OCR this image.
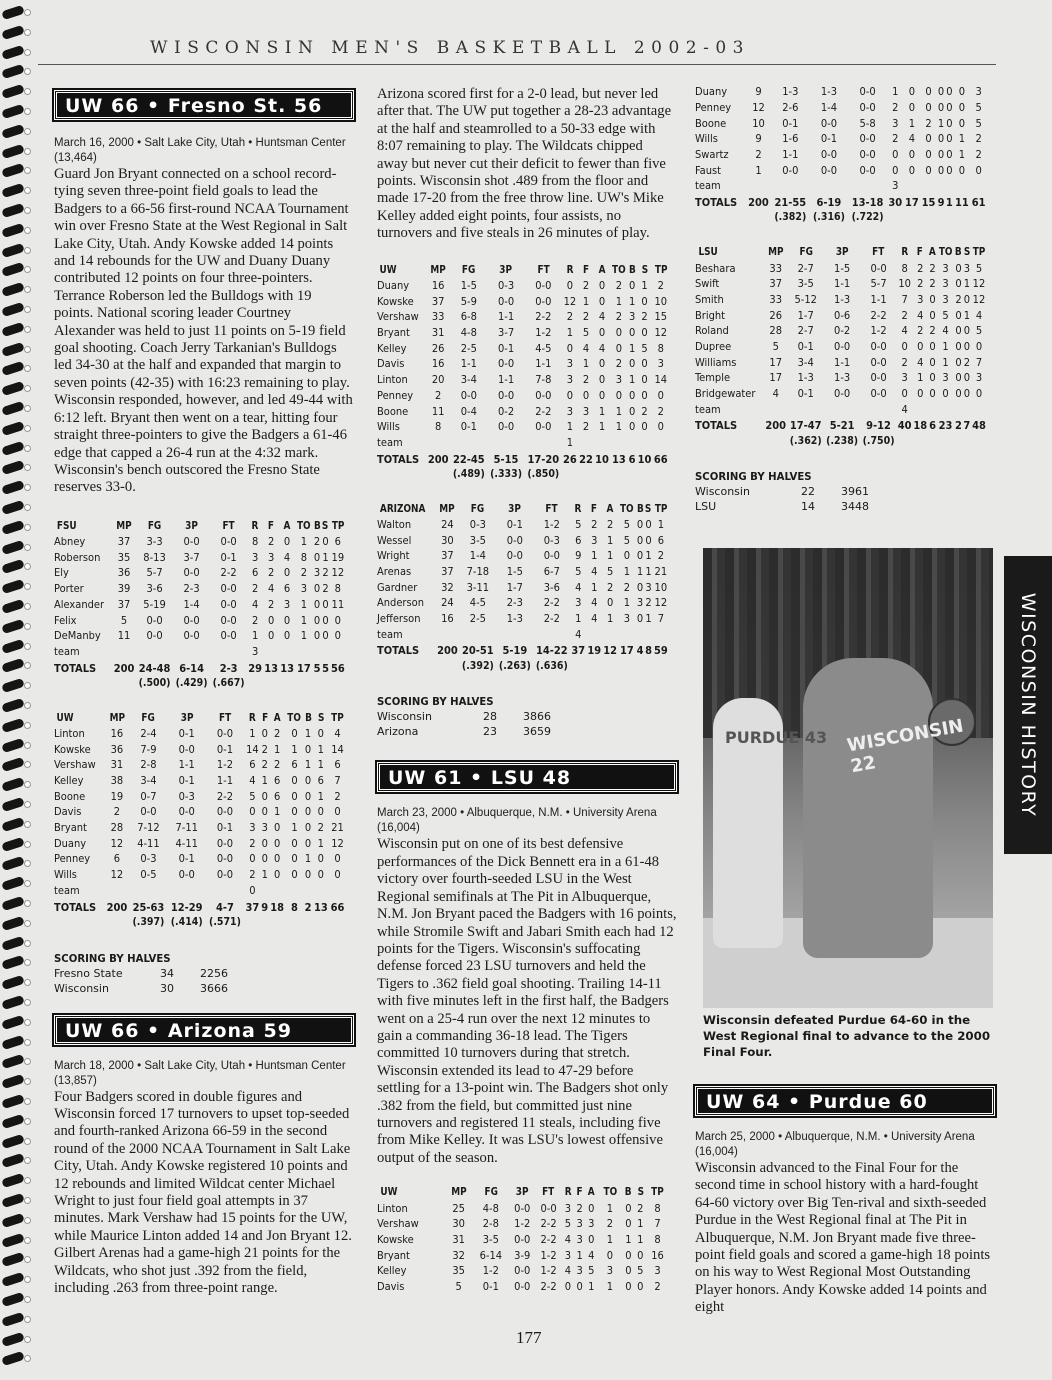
WISCONSIN MEN'S BASKETBALL 2002-03
UW 66 • Fresno St. 56
March 16, 2000 • Salt Lake City, Utah • Huntsman Center (13,464)
Guard Jon Bryant connected on a school record-tying seven three-point field goals to lead the Badgers to a 66-56 first-round NCAA Tournament win over Fresno State at the West Regional in Salt Lake City, Utah. Andy Kowske added 14 points and 14 rebounds for the UW and Duany Duany contributed 12 points on four three-pointers. Terrance Roberson led the Bulldogs with 19 points. National scoring leader Courtney Alexander was held to just 11 points on 5-19 field goal shooting. Coach Jerry Tarkanian's Bulldogs led 34-30 at the half and expanded that margin to seven points (42-35) with 16:23 remaining to play. Wisconsin responded, however, and led 49-44 with 6:12 left. Bryant then went on a tear, hitting four straight three-pointers to give the Badgers a 61-46 edge that capped a 26-4 run at the 4:32 mark. Wisconsin's bench outscored the Fresno State reserves 33-0.
FSU	MP	FG	3P	FT	R	F	A	TO	B	S	TP
Abney	37	3-3	0-0	0-0	8	2	0	1	2	0	6
Roberson	35	8-13	3-7	0-1	3	3	4	8	0	1	19
Ely	36	5-7	0-0	2-2	6	2	0	2	3	2	12
Porter	39	3-6	2-3	0-0	2	4	6	3	0	2	8
Alexander	37	5-19	1-4	0-0	4	2	3	1	0	0	11
Felix	5	0-0	0-0	0-0	2	0	0	1	0	0	0
DeManby	11	0-0	0-0	0-0	1	0	0	1	0	0	0
team					3						
TOTALS	200	24-48	6-14	2-3	29	13	13	17	5	5	56
		(.500)	(.429)	(.667)							
UW	MP	FG	3P	FT	R	F	A	TO	B	S	TP
Linton	16	2-4	0-1	0-0	1	0	2	0	1	0	4
Kowske	36	7-9	0-0	0-1	14	2	1	1	0	1	14
Vershaw	31	2-8	1-1	1-2	6	2	2	6	1	1	6
Kelley	38	3-4	0-1	1-1	4	1	6	0	0	6	7
Boone	19	0-7	0-3	2-2	5	0	6	0	0	1	2
Davis	2	0-0	0-0	0-0	0	0	1	0	0	0	0
Bryant	28	7-12	7-11	0-1	3	3	0	1	0	2	21
Duany	12	4-11	4-11	0-0	2	0	0	0	0	1	12
Penney	6	0-3	0-1	0-0	0	0	0	0	1	0	0
Wills	12	0-5	0-0	0-0	2	1	0	0	0	0	0
team					0						
TOTALS	200	25-63	12-29	4-7	37	9	18	8	2	13	66
		(.397)	(.414)	(.571)							
SCORING BY HALVES
Fresno State	34	22 56
Wisconsin	30	36 66
UW 66 • Arizona 59
March 18, 2000 • Salt Lake City, Utah • Huntsman Center (13,857)
Four Badgers scored in double figures and Wisconsin forced 17 turnovers to upset top-seeded and fourth-ranked Arizona 66-59 in the second round of the 2000 NCAA Tournament in Salt Lake City, Utah. Andy Kowske registered 10 points and 12 rebounds and limited Wildcat center Michael Wright to just four field goal attempts in 37 minutes. Mark Vershaw had 15 points for the UW, while Maurice Linton added 14 and Jon Bryant 12. Gilbert Arenas had a game-high 21 points for the Wildcats, who shot just .392 from the field, including .263 from three-point range.
Arizona scored first for a 2-0 lead, but never led after that. The UW put together a 28-23 advantage at the half and steamrolled to a 50-33 edge with 8:07 remaining to play. The Wildcats chipped away but never cut their deficit to fewer than five points. Wisconsin shot .489 from the floor and made 17-20 from the free throw line. UW's Mike Kelley added eight points, four assists, no turnovers and five steals in 26 minutes of play.
UW	MP	FG	3P	FT	R	F	A	TO	B	S	TP
Duany	16	1-5	0-3	0-0	0	2	0	2	0	1	2
Kowske	37	5-9	0-0	0-0	12	1	0	1	1	0	10
Vershaw	33	6-8	1-1	2-2	2	2	4	2	3	2	15
Bryant	31	4-8	3-7	1-2	1	5	0	0	0	0	12
Kelley	26	2-5	0-1	4-5	0	4	4	0	1	5	8
Davis	16	1-1	0-0	1-1	3	1	0	2	0	0	3
Linton	20	3-4	1-1	7-8	3	2	0	3	1	0	14
Penney	2	0-0	0-0	0-0	0	0	0	0	0	0	0
Boone	11	0-4	0-2	2-2	3	3	1	1	0	2	2
Wills	8	0-1	0-0	0-0	1	2	1	1	0	0	0
team					1						
TOTALS	200	22-45	5-15	17-20	26	22	10	13	6	10	66
		(.489)	(.333)	(.850)							
ARIZONA	MP	FG	3P	FT	R	F	A	TO	B	S	TP
Walton	24	0-3	0-1	1-2	5	2	2	5	0	0	1
Wessel	30	3-5	0-0	0-3	6	3	1	5	0	0	6
Wright	37	1-4	0-0	0-0	9	1	1	0	0	1	2
Arenas	37	7-18	1-5	6-7	5	4	5	1	1	1	21
Gardner	32	3-11	1-7	3-6	4	1	2	2	0	3	10
Anderson	24	4-5	2-3	2-2	3	4	0	1	3	2	12
Jefferson	16	2-5	1-3	2-2	1	4	1	3	0	1	7
team					4						
TOTALS	200	20-51	5-19	14-22	37	19	12	17	4	8	59
		(.392)	(.263)	(.636)							
SCORING BY HALVES
Wisconsin	28	38 66
Arizona	23	36 59
UW 61 • LSU 48
March 23, 2000 • Albuquerque, N.M. • University Arena (16,004)
Wisconsin put on one of its best defensive performances of the Dick Bennett era in a 61-48 victory over fourth-seeded LSU in the West Regional semifinals at The Pit in Albuquerque, N.M. Jon Bryant paced the Badgers with 16 points, while Stromile Swift and Jabari Smith each had 12 points for the Tigers. Wisconsin's suffocating defense forced 23 LSU turnovers and held the Tigers to .362 field goal shooting. Trailing 14-11 with five minutes left in the first half, the Badgers went on a 25-4 run over the next 12 minutes to gain a commanding 36-18 lead. The Tigers committed 10 turnovers during that stretch. Wisconsin extended its lead to 47-29 before settling for a 13-point win. The Badgers shot only .382 from the field, but committed just nine turnovers and registered 11 steals, including five from Mike Kelley. It was LSU's lowest offensive output of the season.
UW	MP	FG	3P	FT	R	F	A	TO	B	S	TP
Linton	25	4-8	0-0	0-0	3	2	0	1	0	2	8
Vershaw	30	2-8	1-2	2-2	5	3	3	2	0	1	7
Kowske	31	3-5	0-0	2-2	4	3	0	1	1	1	8
Bryant	32	6-14	3-9	1-2	3	1	4	0	0	0	16
Kelley	35	1-2	0-0	1-2	4	3	5	3	0	5	3
Davis	5	0-1	0-0	2-2	0	0	1	1	0	0	2
Duany	9	1-3	1-3	0-0	1	0	0	0	0	0	3
Penney	12	2-6	1-4	0-0	2	0	0	0	0	0	5
Boone	10	0-1	0-0	5-8	3	1	2	1	0	0	5
Wills	9	1-6	0-1	0-0	2	4	0	0	0	1	2
Swartz	2	1-1	0-0	0-0	0	0	0	0	0	1	2
Faust	1	0-0	0-0	0-0	0	0	0	0	0	0	0
team					3						
TOTALS	200	21-55	6-19	13-18	30	17	15	9	1	11	61
		(.382)	(.316)	(.722)							
LSU	MP	FG	3P	FT	R	F	A	TO	B	S	TP
Beshara	33	2-7	1-5	0-0	8	2	2	3	0	3	5
Swift	37	3-5	1-1	5-7	10	2	2	3	0	1	12
Smith	33	5-12	1-3	1-1	7	3	0	3	2	0	12
Bright	26	1-7	0-6	2-2	2	4	0	5	0	1	4
Roland	28	2-7	0-2	1-2	4	2	2	4	0	0	5
Dupree	5	0-1	0-0	0-0	0	0	0	1	0	0	0
Williams	17	3-4	1-1	0-0	2	4	0	1	0	2	7
Temple	17	1-3	1-3	0-0	3	1	0	3	0	0	3
Bridgewater	4	0-1	0-0	0-0	0	0	0	0	0	0	0
team					4						
TOTALS	200	17-47	5-21	9-12	40	18	6	23	2	7	48
		(.362)	(.238)	(.750)							
SCORING BY HALVES
Wisconsin	22	39 61
LSU	14	34 48
PURDUE 43 WISCONSIN 22
Wisconsin defeated Purdue 64-60 in the West Regional final to advance to the 2000 Final Four.
UW 64 • Purdue 60
March 25, 2000 • Albuquerque, N.M. • University Arena (16,004)
Wisconsin advanced to the Final Four for the second time in school history with a hard-fought 64-60 victory over Big Ten-rival and sixth-seeded Purdue in the West Regional final at The Pit in Albuquerque, N.M. Jon Bryant made five three-point field goals and scored a game-high 18 points on his way to West Regional Most Outstanding Player honors. Andy Kowske added 14 points and eight
WISCONSIN HISTORY
177
